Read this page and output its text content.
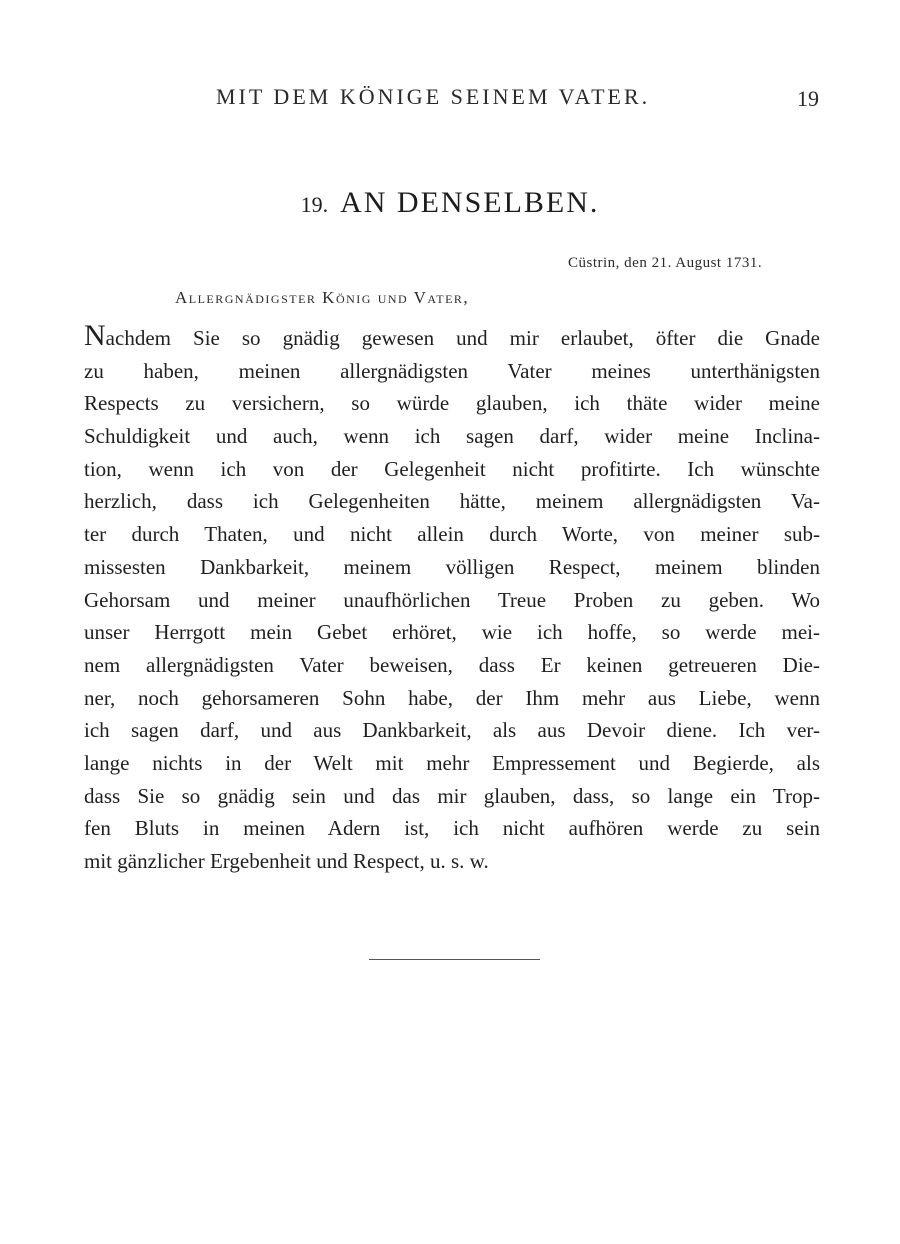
MIT DEM KÖNIGE SEINEM VATER.	19
19. AN DENSELBEN.
Cüstrin, den 21. August 1731.
Allergnädigster König und Vater,
Nachdem Sie so gnädig gewesen und mir erlaubet, öfter die Gnade
zu haben, meinen allergnädigsten Vater meines unterthänigsten
Respects zu versichern, so würde glauben, ich thäte wider meine
Schuldigkeit und auch, wenn ich sagen darf, wider meine Inclina-
tion, wenn ich von der Gelegenheit nicht profitirte. Ich wünschte
herzlich, dass ich Gelegenheiten hätte, meinem allergnädigsten Va-
ter durch Thaten, und nicht allein durch Worte, von meiner sub-
missesten Dankbarkeit, meinem völligen Respect, meinem blinden
Gehorsam und meiner unaufhörlichen Treue Proben zu geben. Wo
unser Herrgott mein Gebet erhöret, wie ich hoffe, so werde mei-
nem allergnädigsten Vater beweisen, dass Er keinen getreueren Die-
ner, noch gehorsameren Sohn habe, der Ihm mehr aus Liebe, wenn
ich sagen darf, und aus Dankbarkeit, als aus Devoir diene. Ich ver-
lange nichts in der Welt mit mehr Empressement und Begierde, als
dass Sie so gnädig sein und das mir glauben, dass, so lange ein Trop-
fen Bluts in meinen Adern ist, ich nicht aufhören werde zu sein
mit gänzlicher Ergebenheit und Respect, u. s. w.
